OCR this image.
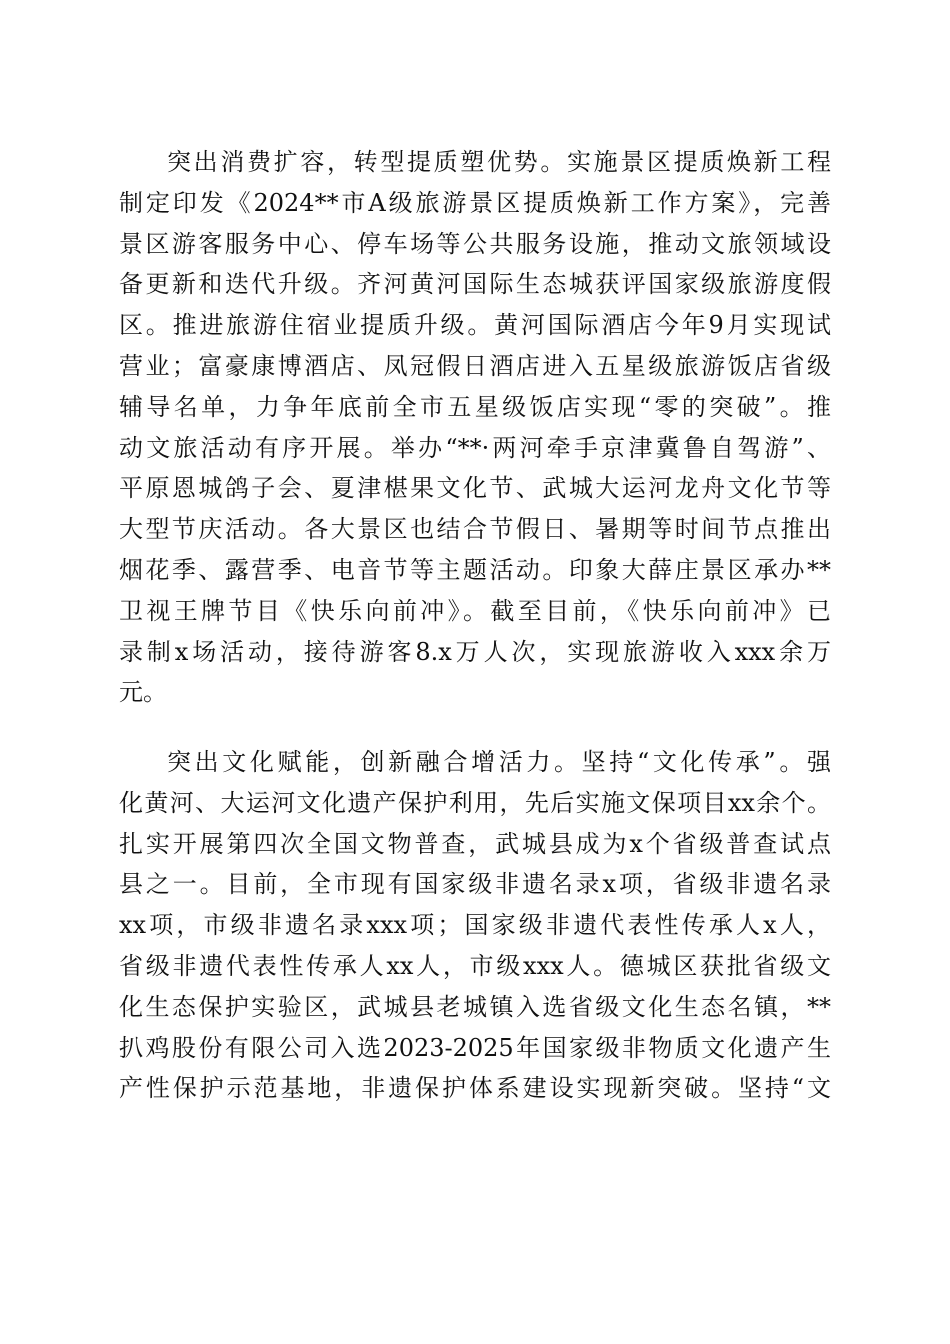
突出消费扩容，转型提质塑优势。实施景区提质焕新工程
制定印发《2024**市A级旅游景区提质焕新工作方案》，完善
景区游客服务中心、停车场等公共服务设施，推动文旅领域设
备更新和迭代升级。齐河黄河国际生态城获评国家级旅游度假
区。推进旅游住宿业提质升级。黄河国际酒店今年9月实现试
营业；富豪康博酒店、凤冠假日酒店进入五星级旅游饭店省级
辅导名单，力争年底前全市五星级饭店实现“零的突破”。推
动文旅活动有序开展。举办“**·两河牵手京津冀鲁自驾游”、
平原恩城鸽子会、夏津椹果文化节、武城大运河龙舟文化节等
大型节庆活动。各大景区也结合节假日、暑期等时间节点推出
烟花季、露营季、电音节等主题活动。印象大薛庄景区承办**
卫视王牌节目《快乐向前冲》。截至目前，《快乐向前冲》已
录制x场活动，接待游客8.x万人次，实现旅游收入xxx余万
元。
突出文化赋能，创新融合增活力。坚持“文化传承”。强
化黄河、大运河文化遗产保护利用，先后实施文保项目xx余个。
扎实开展第四次全国文物普查，武城县成为x个省级普查试点
县之一。目前，全市现有国家级非遗名录x项，省级非遗名录
xx项，市级非遗名录xxx项；国家级非遗代表性传承人x人，
省级非遗代表性传承人xx人，市级xxx人。德城区获批省级文
化生态保护实验区，武城县老城镇入选省级文化生态名镇，**
扒鸡股份有限公司入选2023-2025年国家级非物质文化遗产生
产性保护示范基地，非遗保护体系建设实现新突破。坚持“文
